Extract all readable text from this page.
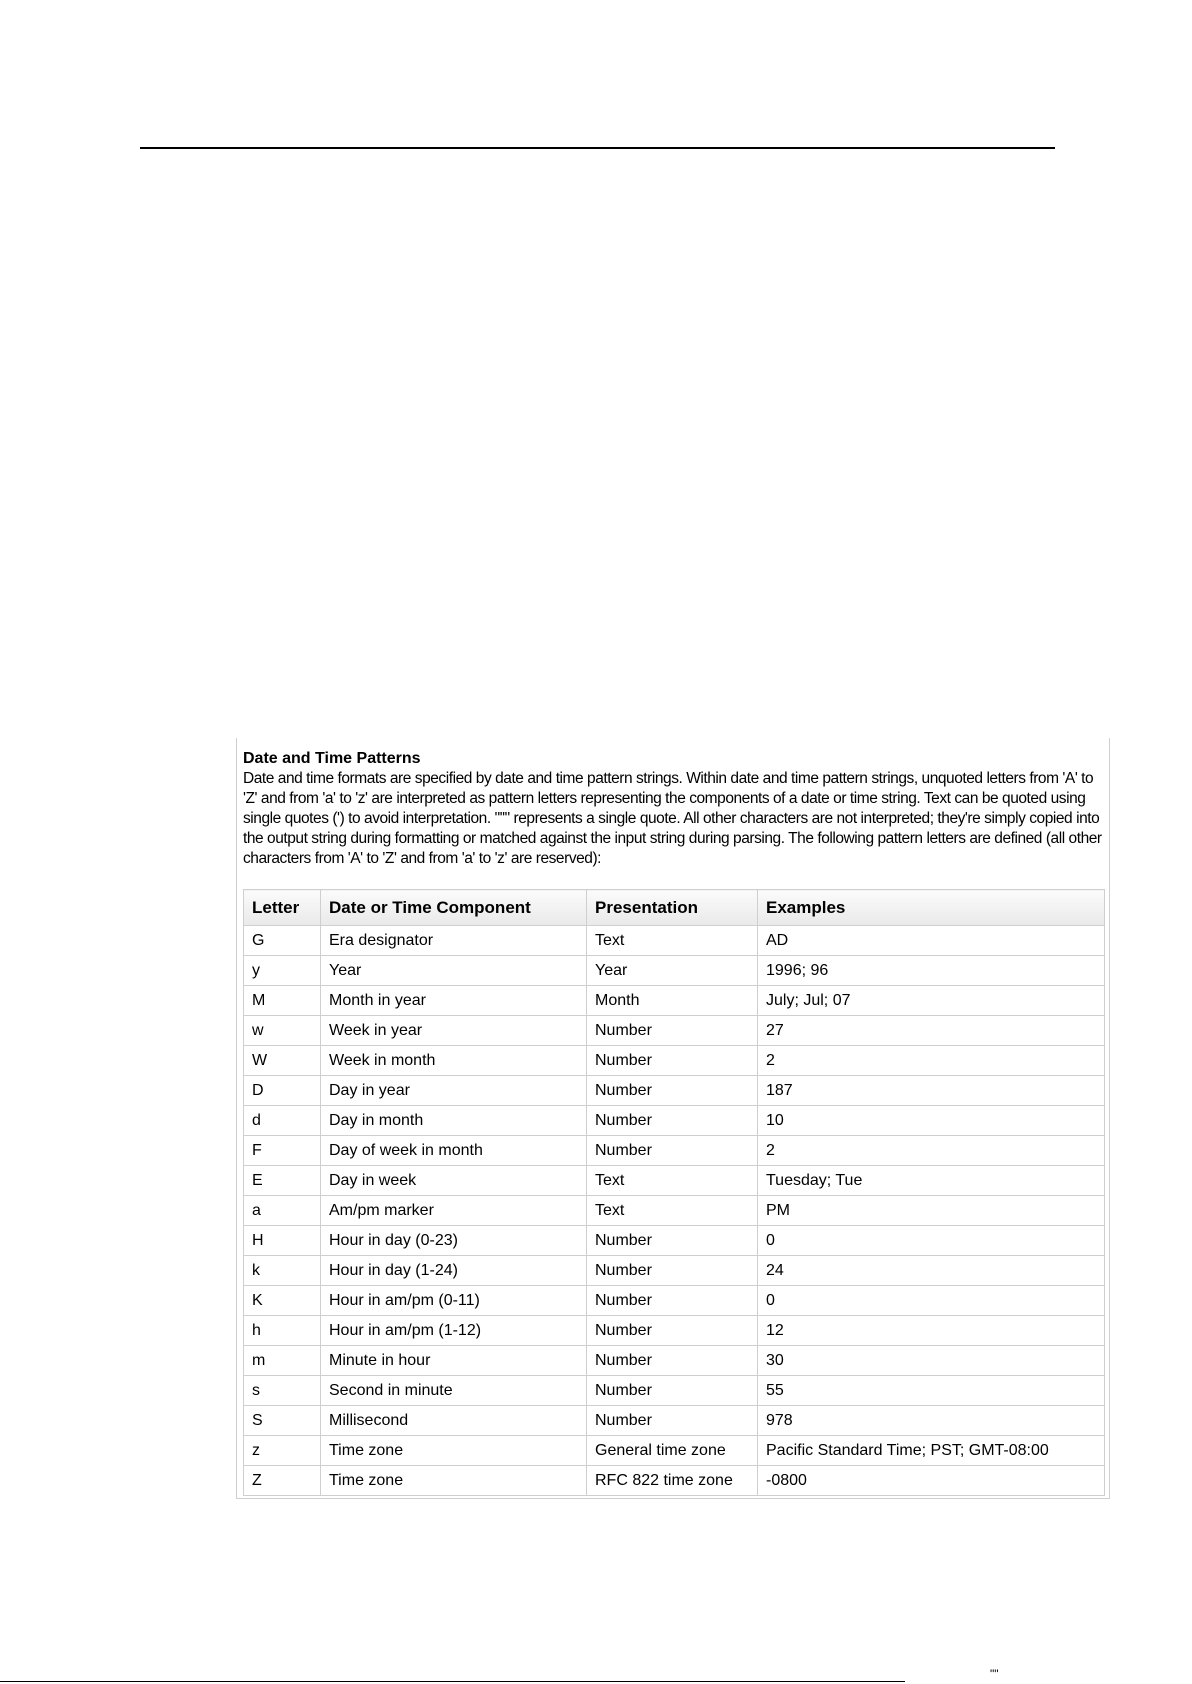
Date and Time Patterns
Date and time formats are specified by date and time pattern strings. Within date and time pattern strings, unquoted letters from 'A' to 'Z' and from 'a' to 'z' are interpreted as pattern letters representing the components of a date or time string. Text can be quoted using single quotes (') to avoid interpretation. "''" represents a single quote. All other characters are not interpreted; they're simply copied into the output string during formatting or matched against the input string during parsing. The following pattern letters are defined (all other characters from 'A' to 'Z' and from 'a' to 'z' are reserved):
Letter	Date or Time Component	Presentation	Examples
G	Era designator	Text	AD
y	Year	Year	1996; 96
M	Month in year	Month	July; Jul; 07
w	Week in year	Number	27
W	Week in month	Number	2
D	Day in year	Number	187
d	Day in month	Number	10
F	Day of week in month	Number	2
E	Day in week	Text	Tuesday; Tue
a	Am/pm marker	Text	PM
H	Hour in day (0-23)	Number	0
k	Hour in day (1-24)	Number	24
K	Hour in am/pm (0-11)	Number	0
h	Hour in am/pm (1-12)	Number	12
m	Minute in hour	Number	30
s	Second in minute	Number	55
S	Millisecond	Number	978
z	Time zone	General time zone	Pacific Standard Time; PST; GMT-08:00
Z	Time zone	RFC 822 time zone	-0800
""
